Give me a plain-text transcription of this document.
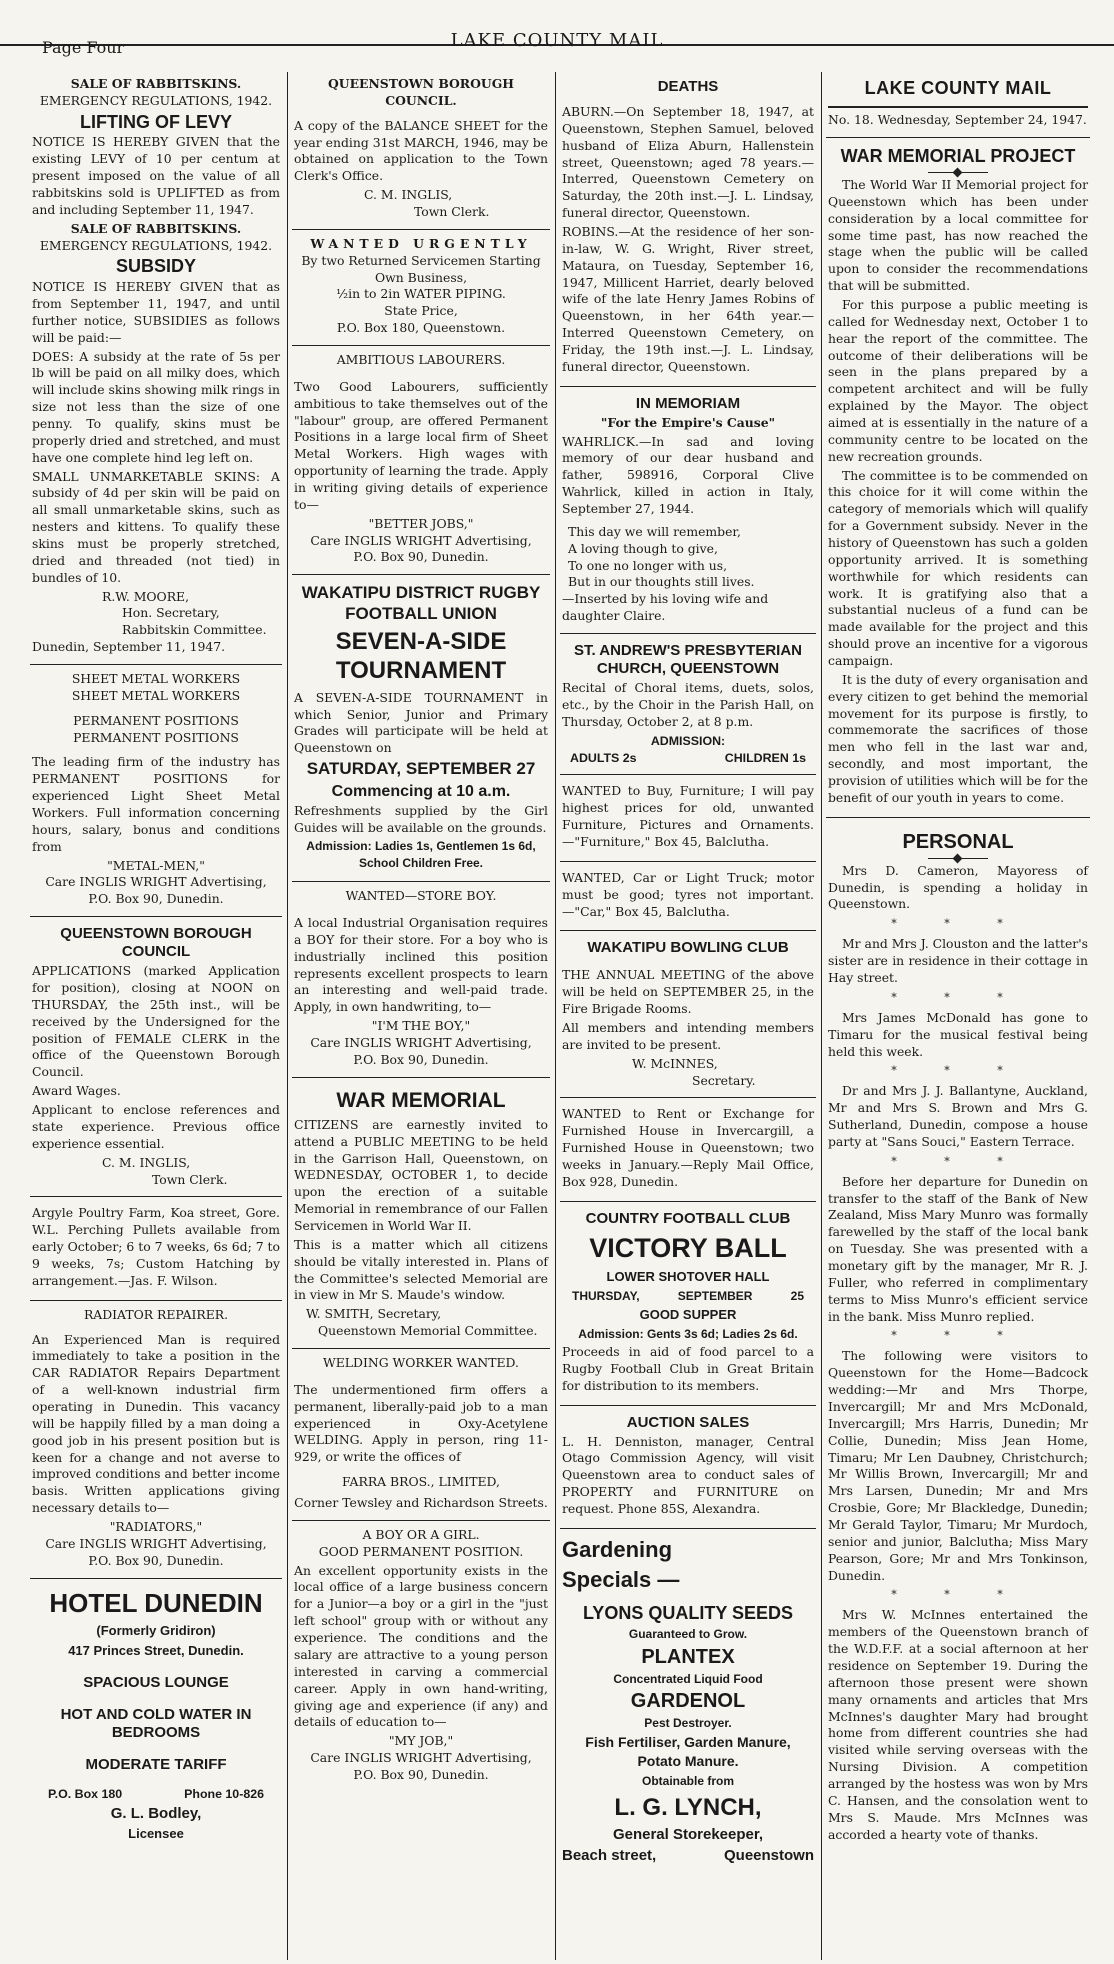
Page Four	LAKE COUNTY MAIL
SALE OF RABBITSKINS.
EMERGENCY REGULATIONS, 1942.
LIFTING OF LEVY

NOTICE IS HEREBY GIVEN that the existing LEVY of 10 per centum at present imposed on the value of all rabbitskins sold is UPLIFTED as from and including September 11, 1947.

SALE OF RABBITSKINS.
EMERGENCY REGULATIONS, 1942.
SUBSIDY

NOTICE IS HEREBY GIVEN that as from September 11, 1947, and until further notice, SUBSIDIES as follows will be paid:—

DOES: A subsidy at the rate of 5s per lb will be paid on all milky does, which will include skins showing milk rings in size not less than the size of one penny. To qualify, skins must be properly dried and stretched, and must have one complete hind leg left on.

SMALL UNMARKETABLE SKINS: A subsidy of 4d per skin will be paid on all small unmarketable skins, such as nesters and kittens. To qualify these skins must be properly stretched, dried and threaded (not tied) in bundles of 10.

R.W. MOORE,
Hon. Secretary,
Rabbitskin Committee.
Dunedin, September 11, 1947.
SHEET METAL WORKERS
SHEET METAL WORKERS
PERMANENT POSITIONS
PERMANENT POSITIONS

The leading firm of the industry has PERMANENT POSITIONS for experienced Light Sheet Metal Workers. Full information concerning hours, salary, bonus and conditions from

"METAL-MEN,"
Care INGLIS WRIGHT Advertising,
P.O. Box 90, Dunedin.
QUEENSTOWN BOROUGH COUNCIL

APPLICATIONS (marked Application for position), closing at NOON on THURSDAY, the 25th inst., will be received by the Undersigned for the position of FEMALE CLERK in the office of the Queenstown Borough Council.

Award Wages.

Applicant to enclose references and state experience. Previous office experience essential.

C. M. INGLIS,
Town Clerk.

Argyle Poultry Farm, Koa street, Gore. W.L. Perching Pullets available from early October; 6 to 7 weeks, 6s 6d; 7 to 9 weeks, 7s; Custom Hatching by arrangement.—Jas. F. Wilson.

RADIATOR REPAIRER.

An Experienced Man is required immediately to take a position in the CAR RADIATOR Repairs Department of a well-known industrial firm operating in Dunedin. This vacancy will be happily filled by a man doing a good job in his present position but is keen for a change and not averse to improved conditions and better income basis. Written applications giving necessary details to—

"RADIATORS,"
Care INGLIS WRIGHT Advertising,
P.O. Box 90, Dunedin.
HOTEL DUNEDIN
(Formerly Gridiron)
417 Princes Street, Dunedin.
SPACIOUS LOUNGE
HOT AND COLD WATER IN BEDROOMS
MODERATE TARIFF
P.O. Box 180	Phone 10-826
G. L. Bodley,
Licensee
QUEENSTOWN BOROUGH COUNCIL.

A copy of the BALANCE SHEET for the year ending 31st MARCH, 1946, may be obtained on application to the Town Clerk's Office.

C. M. INGLIS,
Town Clerk.
WANTED URGENTLY
By two Returned Servicemen Starting Own Business,
½in to 2in WATER PIPING.
State Price,
P.O. Box 180, Queenstown.
AMBITIOUS LABOURERS.

Two Good Labourers, sufficiently ambitious to take themselves out of the "labour" group, are offered Permanent Positions in a large local firm of Sheet Metal Workers. High wages with opportunity of learning the trade. Apply in writing giving details of experience to—

"BETTER JOBS,"
Care INGLIS WRIGHT Advertising,
P.O. Box 90, Dunedin.
WAKATIPU DISTRICT RUGBY FOOTBALL UNION
SEVEN-A-SIDE TOURNAMENT

A SEVEN-A-SIDE TOURNAMENT in which Senior, Junior and Primary Grades will participate will be held at Queenstown on

SATURDAY, SEPTEMBER 27
Commencing at 10 a.m.

Refreshments supplied by the Girl Guides will be available on the grounds.

Admission: Ladies 1s, Gentlemen 1s 6d, School Children Free.
WANTED—STORE BOY.

A local Industrial Organisation requires a BOY for their store. For a boy who is industrially inclined this position represents excellent prospects to learn an interesting and well-paid trade. Apply, in own handwriting, to—

"I'M THE BOY,"
Care INGLIS WRIGHT Advertising,
P.O. Box 90, Dunedin.
WAR MEMORIAL

CITIZENS are earnestly invited to attend a PUBLIC MEETING to be held in the Garrison Hall, Queenstown, on WEDNESDAY, OCTOBER 1, to decide upon the erection of a suitable Memorial in remembrance of our Fallen Servicemen in World War II.

This is a matter which all citizens should be vitally interested in. Plans of the Committee's selected Memorial are in view in Mr S. Maude's window.

W. SMITH, Secretary,
Queenstown Memorial Committee.
WELDING WORKER WANTED.

The undermentioned firm offers a permanent, liberally-paid job to a man experienced in Oxy-Acetylene WELDING. Apply in person, ring 11-929, or write the offices of

FARRA BROS., LIMITED,
Corner Tewsley and Richardson Streets.
A BOY OR A GIRL.
GOOD PERMANENT POSITION.

An excellent opportunity exists in the local office of a large business concern for a Junior—a boy or a girl in the "just left school" group with or without any experience. The conditions and the salary are attractive to a young person interested in carving a commercial career. Apply in own hand-writing, giving age and experience (if any) and details of education to—

"MY JOB,"
Care INGLIS WRIGHT Advertising,
P.O. Box 90, Dunedin.
DEATHS

ABURN.—On September 18, 1947, at Queenstown, Stephen Samuel, beloved husband of Eliza Aburn, Hallenstein street, Queenstown; aged 78 years.—Interred, Queenstown Cemetery on Saturday, the 20th inst.—J. L. Lindsay, funeral director, Queenstown.

ROBINS.—At the residence of her son-in-law, W. G. Wright, River street, Mataura, on Tuesday, September 16, 1947, Millicent Harriet, dearly beloved wife of the late Henry James Robins of Queenstown, in her 64th year.—Interred Queenstown Cemetery, on Friday, the 19th inst.—J. L. Lindsay, funeral director, Queenstown.

IN MEMORIAM
"For the Empire's Cause"

WAHRLICK.—In sad and loving memory of our dear husband and father, 598916, Corporal Clive Wahrlick, killed in action in Italy, September 27, 1944.

This day we will remember,
A loving though to give,
To one no longer with us,
But in our thoughts still lives.
—Inserted by his loving wife and daughter Claire.
ST. ANDREW'S PRESBYTERIAN CHURCH, QUEENSTOWN

Recital of Choral items, duets, solos, etc., by the Choir in the Parish Hall, on Thursday, October 2, at 8 p.m.

ADMISSION:
ADULTS 2s	CHILDREN 1s

WANTED to Buy, Furniture; I will pay highest prices for old, unwanted Furniture, Pictures and Ornaments.—"Furniture," Box 45, Balclutha.

WANTED, Car or Light Truck; motor must be good; tyres not important.—"Car," Box 45, Balclutha.

WAKATIPU BOWLING CLUB

THE ANNUAL MEETING of the above will be held on SEPTEMBER 25, in the Fire Brigade Rooms.

All members and intending members are invited to be present.

W. McINNES,
Secretary.

WANTED to Rent or Exchange for Furnished House in Invercargill, a Furnished House in Queenstown; two weeks in January.—Reply Mail Office, Box 928, Dunedin.

COUNTRY FOOTBALL CLUB
VICTORY BALL
LOWER SHOTOVER HALL
THURSDAY,	SEPTEMBER	25
GOOD SUPPER
Admission: Gents 3s 6d; Ladies 2s 6d.

Proceeds in aid of food parcel to a Rugby Football Club in Great Britain for distribution to its members.

AUCTION SALES

L. H. Denniston, manager, Central Otago Commission Agency, will visit Queenstown area to conduct sales of PROPERTY and FURNITURE on request. Phone 85S, Alexandra.

Gardening
Specials —
LYONS QUALITY SEEDS
Guaranteed to Grow.
PLANTEX
Concentrated Liquid Food
GARDENOL
Pest Destroyer.
Fish Fertiliser, Garden Manure, Potato Manure.
Obtainable from
L. G. LYNCH,
General Storekeeper,
Beach street,	Queenstown
LAKE COUNTY MAIL
No. 18. Wednesday, September 24, 1947.
WAR MEMORIAL PROJECT

The World War II Memorial project for Queenstown which has been under consideration by a local committee for some time past, has now reached the stage when the public will be called upon to consider the recommendations that will be submitted.

For this purpose a public meeting is called for Wednesday next, October 1 to hear the report of the committee. The outcome of their deliberations will be seen in the plans prepared by a competent architect and will be fully explained by the Mayor. The object aimed at is essentially in the nature of a community centre to be located on the new recreation grounds.

The committee is to be commended on this choice for it will come within the category of memorials which will qualify for a Government subsidy. Never in the history of Queenstown has such a golden opportunity arrived. It is something worthwhile for which residents can work. It is gratifying also that a substantial nucleus of a fund can be made available for the project and this should prove an incentive for a vigorous campaign.

It is the duty of every organisation and every citizen to get behind the memorial movement for its purpose is firstly, to commemorate the sacrifices of those men who fell in the last war and, secondly, and most important, the provision of utilities which will be for the benefit of our youth in years to come.

PERSONAL

Mrs D. Cameron, Mayoress of Dunedin, is spending a holiday in Queenstown.

* * *

Mr and Mrs J. Clouston and the latter's sister are in residence in their cottage in Hay street.

* * *

Mrs James McDonald has gone to Timaru for the musical festival being held this week.

* * *

Dr and Mrs J. J. Ballantyne, Auckland, Mr and Mrs S. Brown and Mrs G. Sutherland, Dunedin, compose a house party at "Sans Souci," Eastern Terrace.

* * *

Before her departure for Dunedin on transfer to the staff of the Bank of New Zealand, Miss Mary Munro was formally farewelled by the staff of the local bank on Tuesday. She was presented with a monetary gift by the manager, Mr R. J. Fuller, who referred in complimentary terms to Miss Munro's efficient service in the bank. Miss Munro replied.

* * *

The following were visitors to Queenstown for the Home—Badcock wedding:—Mr and Mrs Thorpe, Invercargill; Mr and Mrs McDonald, Invercargill; Mrs Harris, Dunedin; Mr Collie, Dunedin; Miss Jean Home, Timaru; Mr Len Daubney, Christchurch; Mr Willis Brown, Invercargill; Mr and Mrs Larsen, Dunedin; Mr and Mrs Crosbie, Gore; Mr Blackledge, Dunedin; Mr Gerald Taylor, Timaru; Mr Murdoch, senior and junior, Balclutha; Miss Mary Pearson, Gore; Mr and Mrs Tonkinson, Dunedin.

* * *

Mrs W. McInnes entertained the members of the Queenstown branch of the W.D.F.F. at a social afternoon at her residence on September 19. During the afternoon those present were shown many ornaments and articles that Mrs McInnes's daughter Mary had brought home from different countries she had visited while serving overseas with the Nursing Division. A competition arranged by the hostess was won by Mrs C. Hansen, and the consolation went to Mrs S. Maude. Mrs McInnes was accorded a hearty vote of thanks.
